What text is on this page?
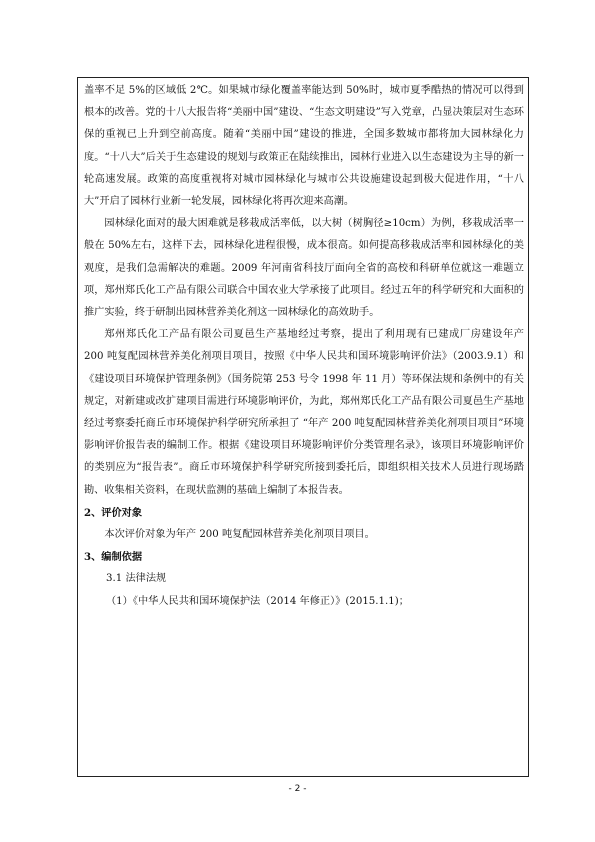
盖率不足 5%的区域低 2℃。如果城市绿化覆盖率能达到 50%时，城市夏季酷热的情况可以得到根本的改善。党的十八大报告将“美丽中国”建设、“生态文明建设”写入党章，凸显决策层对生态环保的重视已上升到空前高度。随着“美丽中国”建设的推进，全国多数城市都将加大园林绿化力度。“十八大”后关于生态建设的规划与政策正在陆续推出，园林行业进入以生态建设为主导的新一轮高速发展。政策的高度重视将对城市园林绿化与城市公共设施建设起到极大促进作用，“十八大”开启了园林行业新一轮发展，园林绿化将再次迎来高潮。

园林绿化面对的最大困难就是移栽成活率低，以大树（树胸径≥10cm）为例，移栽成活率一般在 50%左右，这样下去，园林绿化进程很慢，成本很高。如何提高移栽成活率和园林绿化的美观度，是我们急需解决的难题。2009 年河南省科技厅面向全省的高校和科研单位就这一难题立项，郑州郑氏化工产品有限公司联合中国农业大学承接了此项目。经过五年的科学研究和大面积的推广实验，终于研制出园林营养美化剂这一园林绿化的高效助手。

郑州郑氏化工产品有限公司夏邑生产基地经过考察，提出了利用现有已建成厂房建设年产 200 吨复配园林营养美化剂项目项目，按照《中华人民共和国环境影响评价法》（2003.9.1）和《建设项目环境保护管理条例》（国务院第 253 号令 1998 年 11 月）等环保法规和条例中的有关规定，对新建或改扩建项目需进行环境影响评价，为此，郑州郑氏化工产品有限公司夏邑生产基地经过考察委托商丘市环境保护科学研究所承担了 “年产 200 吨复配园林营养美化剂项目项目”环境影响评价报告表的编制工作。根据《建设项目环境影响评价分类管理名录》，该项目环境影响评价的类别应为“报告表”。商丘市环境保护科学研究所接到委托后，即组织相关技术人员进行现场踏勘、收集相关资料，在现状监测的基础上编制了本报告表。

2、评价对象

本次评价对象为年产 200 吨复配园林营养美化剂项目项目。

3、编制依据

3.1 法律法规

（1）《中华人民共和国环境保护法（2014 年修正）》(2015.1.1)；

- 2 -
